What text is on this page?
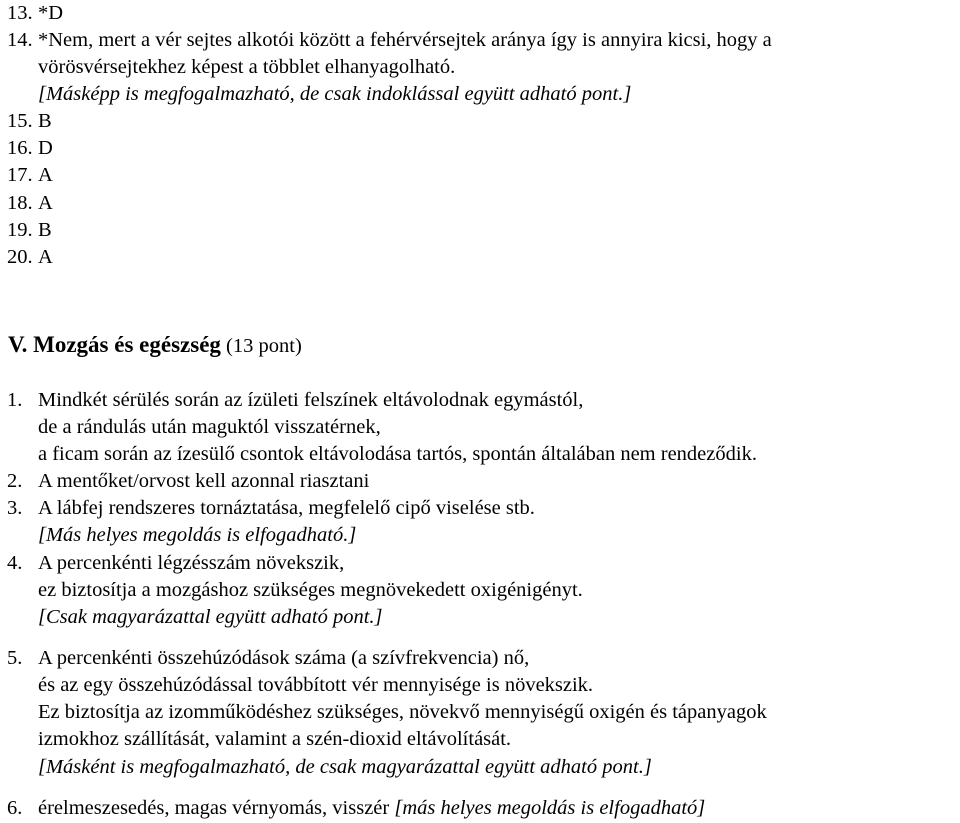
13. *D
14. *Nem, mert a vér sejtes alkotói között a fehérvérsejtek aránya így is annyira kicsi, hogy a
vörösvérsejtekhez képest a többlet elhanyagolható.
[Másképp is megfogalmazható, de csak indoklással együtt adható pont.]
15. B
16. D
17. A
18. A
19. B
20. A
V. Mozgás és egészség (13 pont)
1. Mindkét sérülés során az ízületi felszínek eltávolodnak egymástól,
de a rándulás után maguktól visszatérnek,
a ficam során az ízesülő csontok eltávolodása tartós, spontán általában nem rendeződik.
2. A mentőket/orvost kell azonnal riasztani
3. A lábfej rendszeres tornáztatása, megfelelő cipő viselése stb.
[Más helyes megoldás is elfogadható.]
4. A percenkénti légzésszám növekszik,
ez biztosítja a mozgáshoz szükséges megnövekedett oxigénigényt.
[Csak magyarázattal együtt adható pont.]
5. A percenkénti összehúzódások száma (a szívfrekvencia) nő,
és az egy összehúzódással továbbított vér mennyisége is növekszik.
Ez biztosítja az izomműködéshez szükséges, növekvő mennyiségű oxigén és tápanyagok
izmokhoz szállítását, valamint a szén-dioxid eltávolítását.
[Másként is megfogalmazható, de csak magyarázattal együtt adható pont.]
6. érelmeszesedés, magas vérnyomás, visszér [más helyes megoldás is elfogadható]
